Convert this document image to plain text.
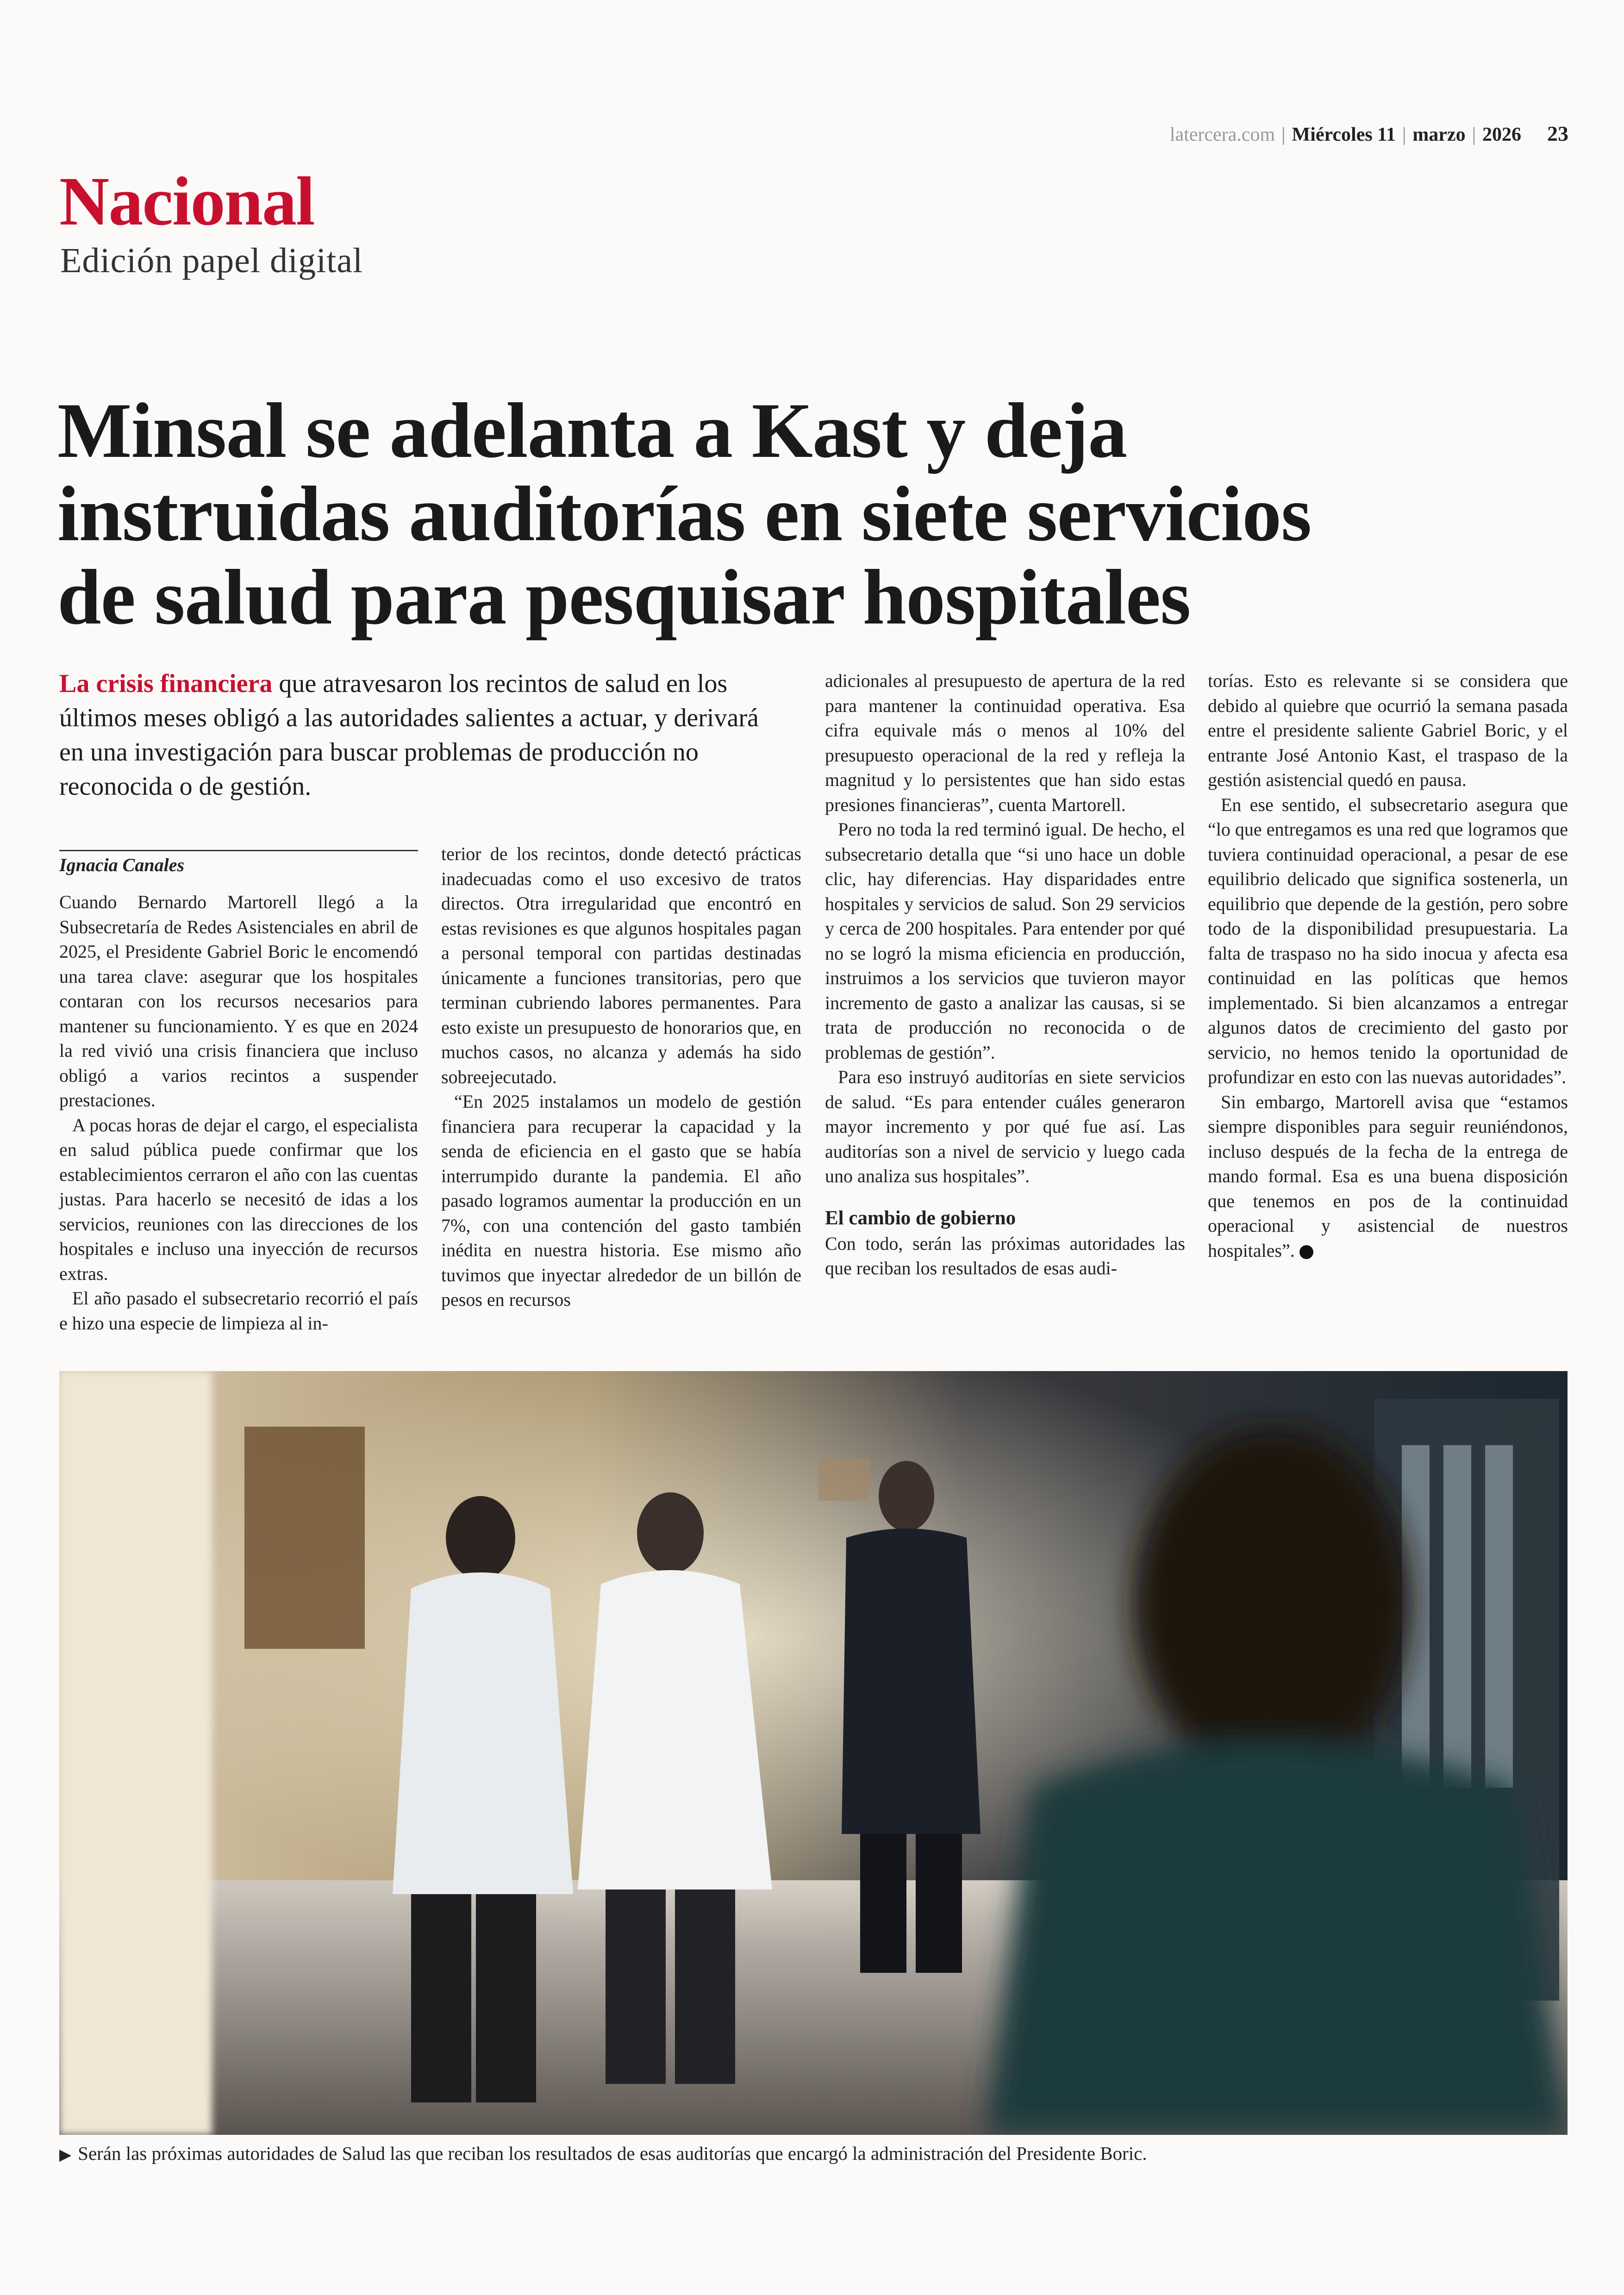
latercera.com | Miércoles 11 | marzo | 2026 23
Nacional
Edición papel digital
Minsal se adelanta a Kast y deja
instruidas auditorías en siete servicios
de salud para pesquisar hospitales
La crisis financiera que atravesaron los recintos de salud en los últimos meses obligó a las autoridades salientes a actuar, y derivará en una investigación para buscar problemas de producción no reconocida o de gestión.
Ignacia Canales

Cuando Bernardo Martorell llegó a la Subsecretaría de Redes Asistenciales en abril de 2025, el Presidente Gabriel Boric le encomendó una tarea clave: asegurar que los hospitales contaran con los recursos necesarios para mantener su funcionamiento. Y es que en 2024 la red vivió una crisis financiera que incluso obligó a varios recintos a suspender prestaciones.

A pocas horas de dejar el cargo, el especialista en salud pública puede confirmar que los establecimientos cerraron el año con las cuentas justas. Para hacerlo se necesitó de idas a los servicios, reuniones con las direcciones de los hospitales e incluso una inyección de recursos extras.

El año pasado el subsecretario recorrió el país e hizo una especie de limpieza al in-

terior de los recintos, donde detectó prácticas inadecuadas como el uso excesivo de tratos directos. Otra irregularidad que encontró en estas revisiones es que algunos hospitales pagan a personal temporal con partidas destinadas únicamente a funciones transitorias, pero que terminan cubriendo labores permanentes. Para esto existe un presupuesto de honorarios que, en muchos casos, no alcanza y además ha sido sobreejecutado.

“En 2025 instalamos un modelo de gestión financiera para recuperar la capacidad y la senda de eficiencia en el gasto que se había interrumpido durante la pandemia. El año pasado logramos aumentar la producción en un 7%, con una contención del gasto también inédita en nuestra historia. Ese mismo año tuvimos que inyectar alrededor de un billón de pesos en recursos

adicionales al presupuesto de apertura de la red para mantener la continuidad operativa. Esa cifra equivale más o menos al 10% del presupuesto operacional de la red y refleja la magnitud y lo persistentes que han sido estas presiones financieras”, cuenta Martorell.

Pero no toda la red terminó igual. De hecho, el subsecretario detalla que “si uno hace un doble clic, hay diferencias. Hay disparidades entre hospitales y servicios de salud. Son 29 servicios y cerca de 200 hospitales. Para entender por qué no se logró la misma eficiencia en producción, instruimos a los servicios que tuvieron mayor incremento de gasto a analizar las causas, si se trata de producción no reconocida o de problemas de gestión”.

Para eso instruyó auditorías en siete servicios de salud. “Es para entender cuáles generaron mayor incremento y por qué fue así. Las auditorías son a nivel de servicio y luego cada uno analiza sus hospitales”.

El cambio de gobierno

Con todo, serán las próximas autoridades las que reciban los resultados de esas audi-

torías. Esto es relevante si se considera que debido al quiebre que ocurrió la semana pasada entre el presidente saliente Gabriel Boric, y el entrante José Antonio Kast, el traspaso de la gestión asistencial quedó en pausa.

En ese sentido, el subsecretario asegura que “lo que entregamos es una red que logramos que tuviera continuidad operacional, a pesar de ese equilibrio delicado que significa sostenerla, un equilibrio que depende de la gestión, pero sobre todo de la disponibilidad presupuestaria. La falta de traspaso no ha sido inocua y afecta esa continuidad en las políticas que hemos implementado. Si bien alcanzamos a entregar algunos datos de crecimiento del gasto por servicio, no hemos tenido la oportunidad de profundizar en esto con las nuevas autoridades”.

Sin embargo, Martorell avisa que “estamos siempre disponibles para seguir reuniéndonos, incluso después de la fecha de la entrega de mando formal. Esa es una buena disposición que tenemos en pos de la continuidad operacional y asistencial de nuestros hospitales”.

▶ Serán las próximas autoridades de Salud las que reciban los resultados de esas auditorías que encargó la administración del Presidente Boric.
